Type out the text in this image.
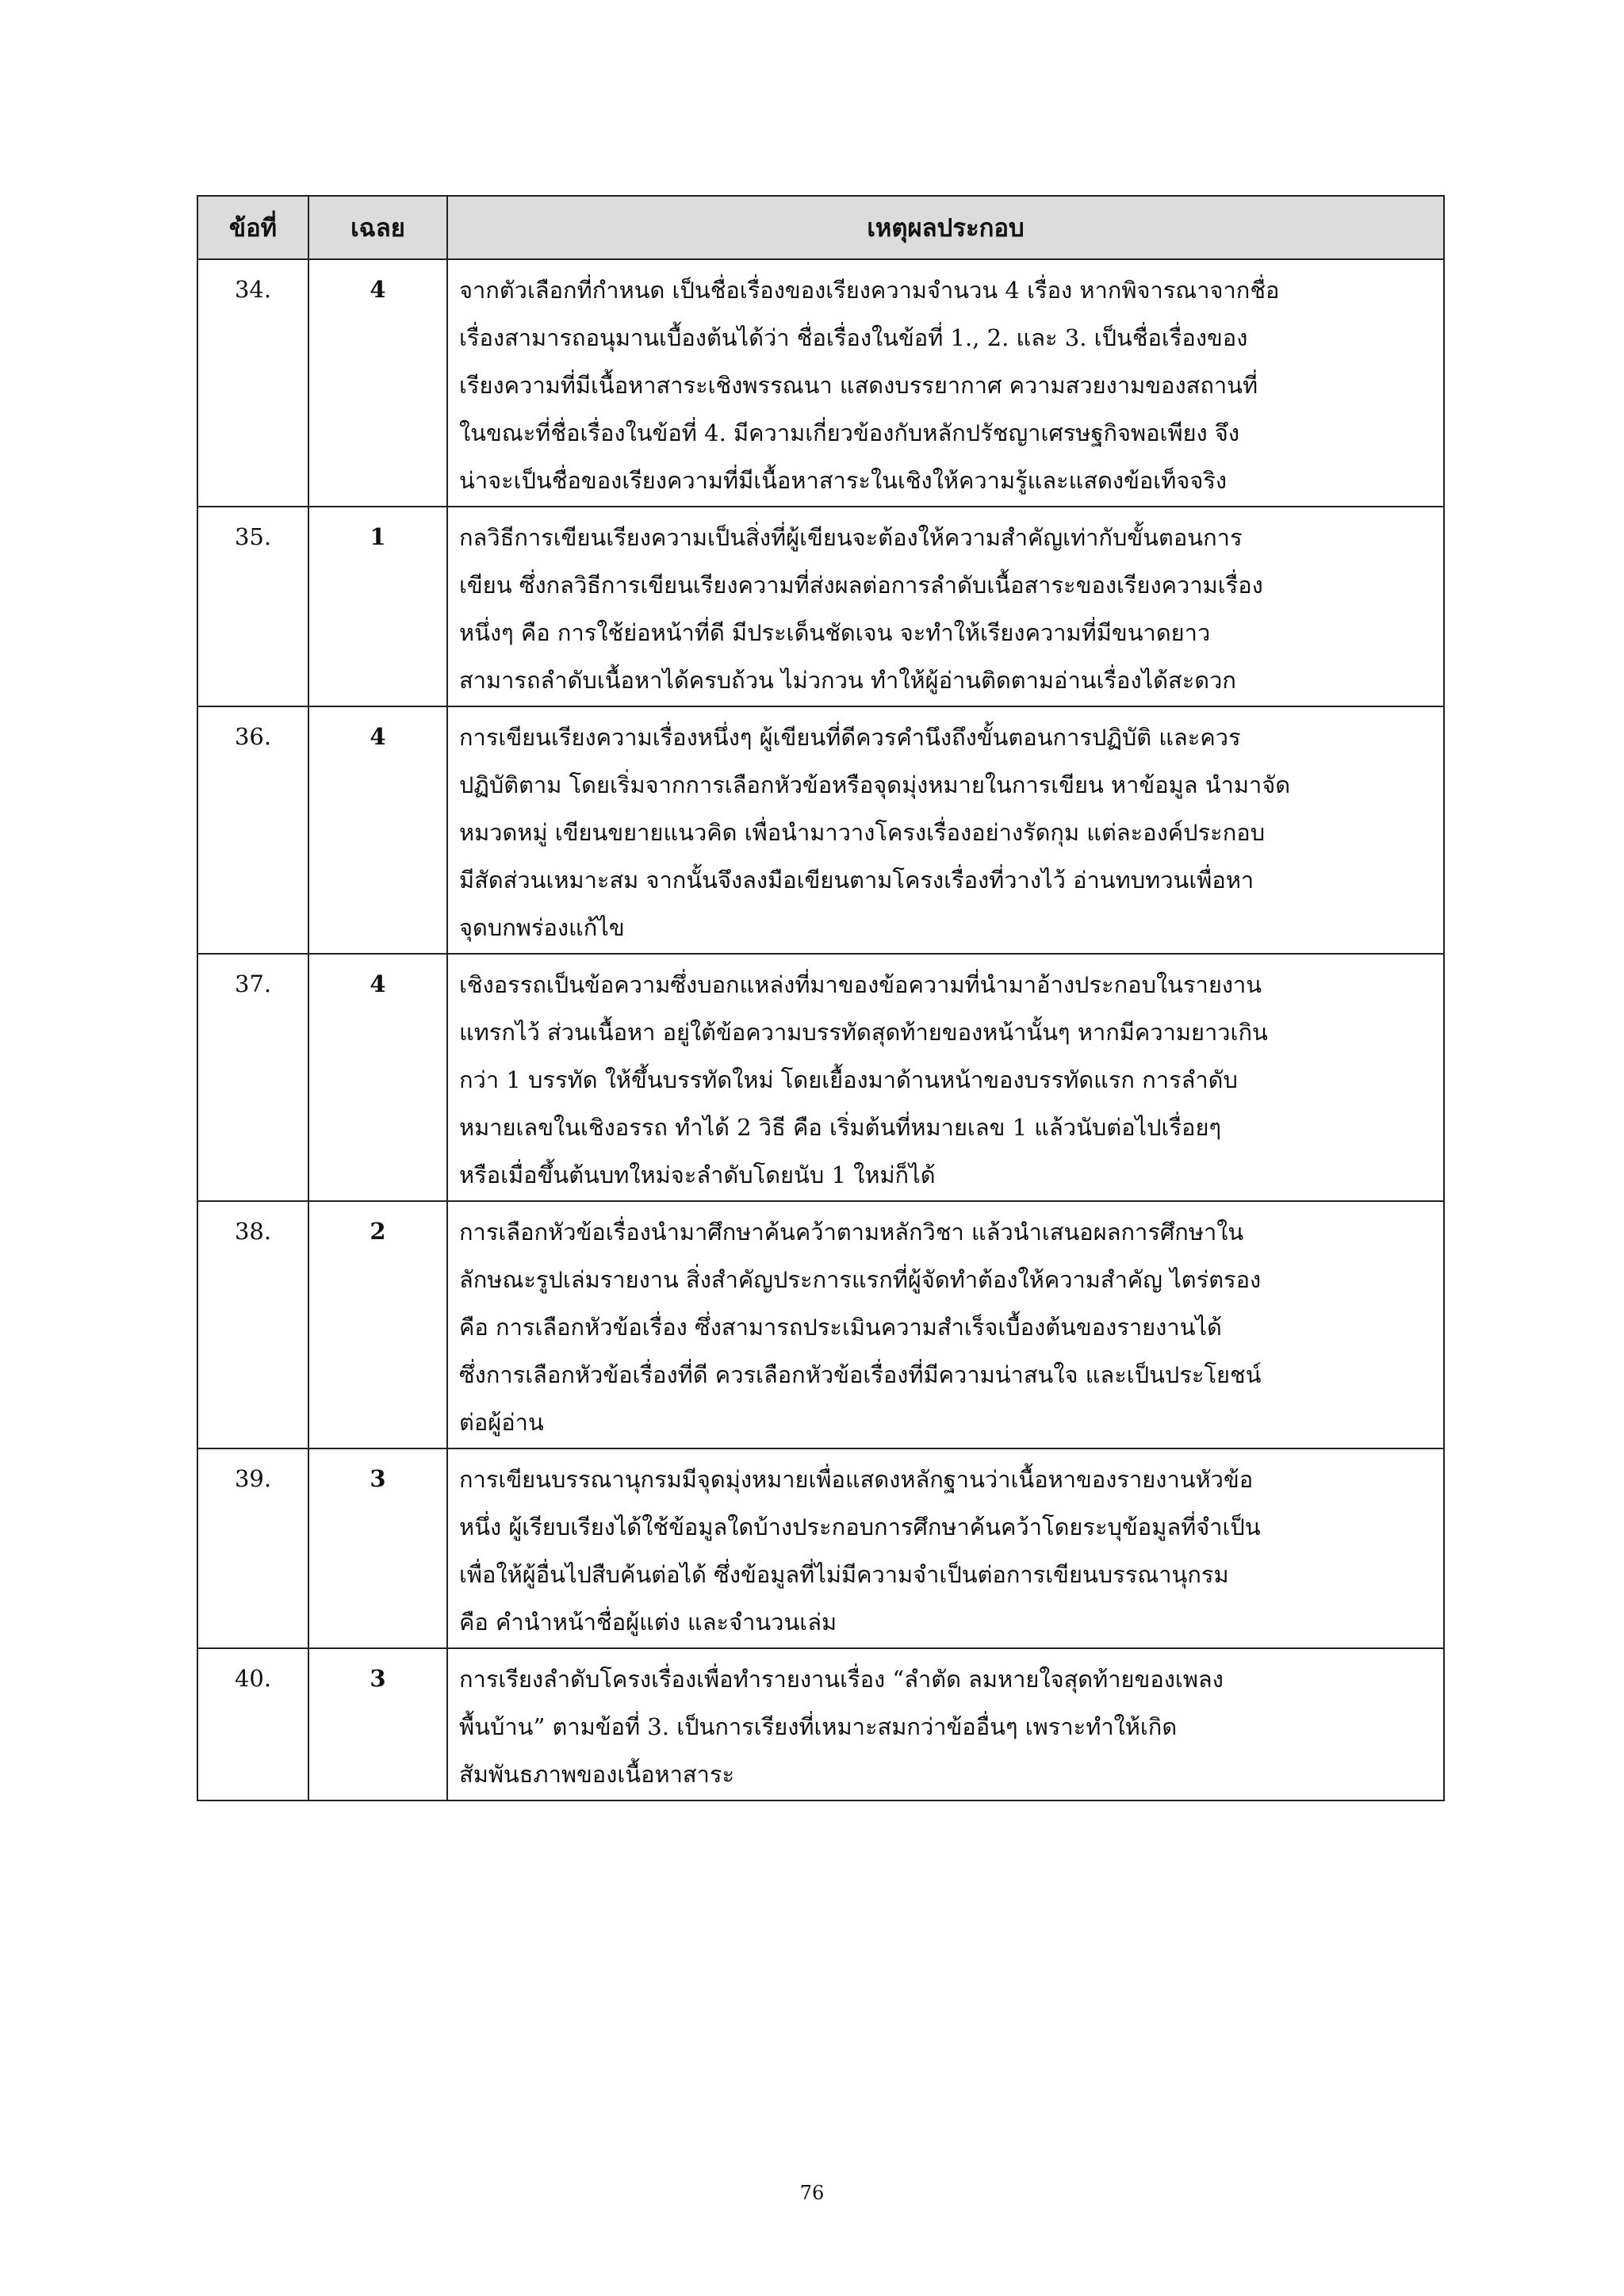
ข้อที่	เฉลย	เหตุผลประกอบ
34.	4	จากตัวเลือกที่กำหนด เป็นชื่อเรื่องของเรียงความจำนวน 4 เรื่อง หากพิจารณาจากชื่อ
เรื่องสามารถอนุมานเบื้องต้นได้ว่า ชื่อเรื่องในข้อที่ 1., 2. และ 3. เป็นชื่อเรื่องของ
เรียงความที่มีเนื้อหาสาระเชิงพรรณนา แสดงบรรยากาศ ความสวยงามของสถานที่
ในขณะที่ชื่อเรื่องในข้อที่ 4. มีความเกี่ยวข้องกับหลักปรัชญาเศรษฐกิจพอเพียง จึง
น่าจะเป็นชื่อของเรียงความที่มีเนื้อหาสาระในเชิงให้ความรู้และแสดงข้อเท็จจริง

35.	1	กลวิธีการเขียนเรียงความเป็นสิ่งที่ผู้เขียนจะต้องให้ความสำคัญเท่ากับขั้นตอนการ
เขียน ซึ่งกลวิธีการเขียนเรียงความที่ส่งผลต่อการลำดับเนื้อสาระของเรียงความเรื่อง
หนึ่งๆ คือ การใช้ย่อหน้าที่ดี มีประเด็นชัดเจน จะทำให้เรียงความที่มีขนาดยาว
สามารถลำดับเนื้อหาได้ครบถ้วน ไม่วกวน ทำให้ผู้อ่านติดตามอ่านเรื่องได้สะดวก

36.	4	การเขียนเรียงความเรื่องหนึ่งๆ ผู้เขียนที่ดีควรคำนึงถึงขั้นตอนการปฏิบัติ และควร
ปฏิบัติตาม โดยเริ่มจากการเลือกหัวข้อหรือจุดมุ่งหมายในการเขียน หาข้อมูล นำมาจัด
หมวดหมู่ เขียนขยายแนวคิด เพื่อนำมาวางโครงเรื่องอย่างรัดกุม แต่ละองค์ประกอบ
มีสัดส่วนเหมาะสม จากนั้นจึงลงมือเขียนตามโครงเรื่องที่วางไว้ อ่านทบทวนเพื่อหา
จุดบกพร่องแก้ไข

37.	4	เชิงอรรถเป็นข้อความซึ่งบอกแหล่งที่มาของข้อความที่นำมาอ้างประกอบในรายงาน
แทรกไว้ ส่วนเนื้อหา อยู่ใต้ข้อความบรรทัดสุดท้ายของหน้านั้นๆ หากมีความยาวเกิน
กว่า 1 บรรทัด ให้ขึ้นบรรทัดใหม่ โดยเยื้องมาด้านหน้าของบรรทัดแรก การลำดับ
หมายเลขในเชิงอรรถ ทำได้ 2 วิธี คือ เริ่มต้นที่หมายเลข 1 แล้วนับต่อไปเรื่อยๆ
หรือเมื่อขึ้นต้นบทใหม่จะลำดับโดยนับ 1 ใหม่ก็ได้

38.	2	การเลือกหัวข้อเรื่องนำมาศึกษาค้นคว้าตามหลักวิชา แล้วนำเสนอผลการศึกษาใน
ลักษณะรูปเล่มรายงาน สิ่งสำคัญประการแรกที่ผู้จัดทำต้องให้ความสำคัญ ไตร่ตรอง
คือ การเลือกหัวข้อเรื่อง ซึ่งสามารถประเมินความสำเร็จเบื้องต้นของรายงานได้
ซึ่งการเลือกหัวข้อเรื่องที่ดี ควรเลือกหัวข้อเรื่องที่มีความน่าสนใจ และเป็นประโยชน์
ต่อผู้อ่าน

39.	3	การเขียนบรรณานุกรมมีจุดมุ่งหมายเพื่อแสดงหลักฐานว่าเนื้อหาของรายงานหัวข้อ
หนึ่ง ผู้เรียบเรียงได้ใช้ข้อมูลใดบ้างประกอบการศึกษาค้นคว้าโดยระบุข้อมูลที่จำเป็น
เพื่อให้ผู้อื่นไปสืบค้นต่อได้ ซึ่งข้อมูลที่ไม่มีความจำเป็นต่อการเขียนบรรณานุกรม
คือ คำนำหน้าชื่อผู้แต่ง และจำนวนเล่ม

40.	3	การเรียงลำดับโครงเรื่องเพื่อทำรายงานเรื่อง “ลำตัด ลมหายใจสุดท้ายของเพลง
พื้นบ้าน” ตามข้อที่ 3. เป็นการเรียงที่เหมาะสมกว่าข้ออื่นๆ เพราะทำให้เกิด
สัมพันธภาพของเนื้อหาสาระ
76
